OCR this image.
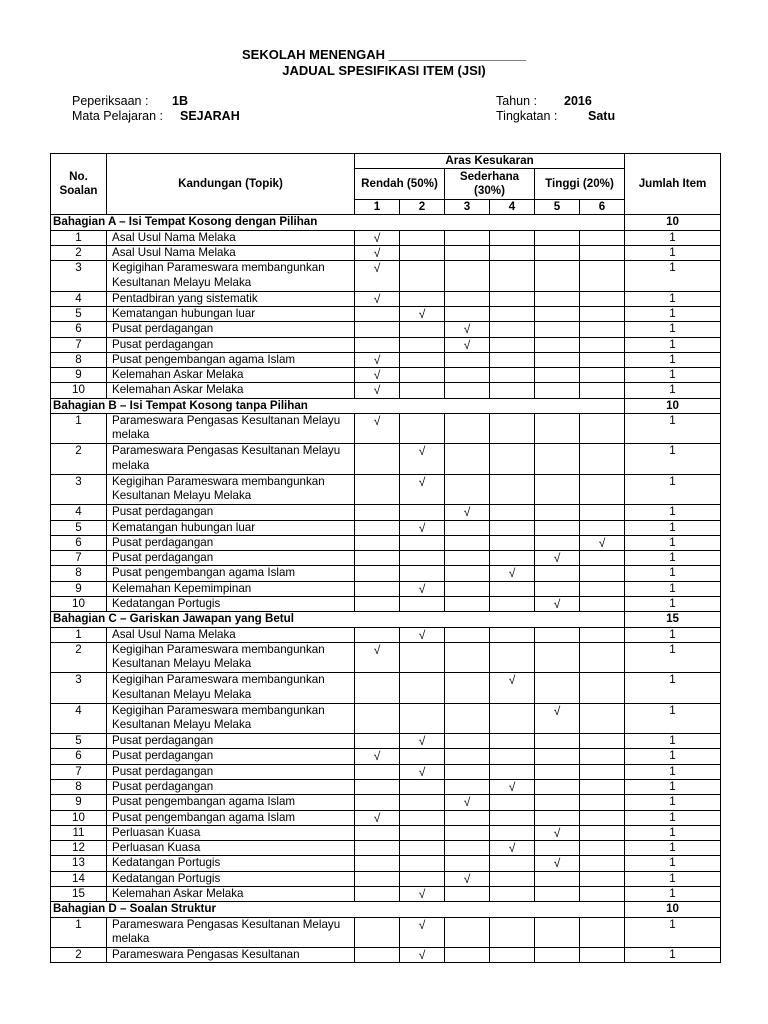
SEKOLAH MENENGAH ___________________
JADUAL SPESIFIKASI ITEM (JSI)
Peperiksaan : 1B
Mata Pelajaran : SEJARAH
Tahun : 2016
Tingkatan : Satu
No. Soalan	Kandungan (Topik)	Aras Kesukaran						Jumlah Item
		Rendah (50%)		Sederhana (30%)		Tinggi (20%)		
		1	2	3	4	5	6	
Bahagian A – Isi Tempat Kosong dengan Pilihan								10
1	Asal Usul Nama Melaka	√						1
2	Asal Usul Nama Melaka	√						1
3	Kegigihan Parameswara membangunkan Kesultanan Melayu Melaka	√						1
4	Pentadbiran yang sistematik	√						1
5	Kematangan hubungan luar		√					1
6	Pusat perdagangan			√				1
7	Pusat perdagangan			√				1
8	Pusat pengembangan agama Islam	√						1
9	Kelemahan Askar Melaka	√						1
10	Kelemahan Askar Melaka	√						1
Bahagian B – Isi Tempat Kosong tanpa Pilihan								10
1	Parameswara Pengasas Kesultanan Melayu melaka	√						1
2	Parameswara Pengasas Kesultanan Melayu melaka		√					1
3	Kegigihan Parameswara membangunkan Kesultanan Melayu Melaka		√					1
4	Pusat perdagangan			√				1
5	Kematangan hubungan luar		√					1
6	Pusat perdagangan						√	1
7	Pusat perdagangan					√		1
8	Pusat pengembangan agama Islam				√			1
9	Kelemahan Kepemimpinan		√					1
10	Kedatangan Portugis					√		1
Bahagian C – Gariskan Jawapan yang Betul								15
1	Asal Usul Nama Melaka		√					1
2	Kegigihan Parameswara membangunkan Kesultanan Melayu Melaka	√						1
3	Kegigihan Parameswara membangunkan Kesultanan Melayu Melaka				√			1
4	Kegigihan Parameswara membangunkan Kesultanan Melayu Melaka					√		1
5	Pusat perdagangan		√					1
6	Pusat perdagangan	√						1
7	Pusat perdagangan		√					1
8	Pusat perdagangan				√			1
9	Pusat pengembangan agama Islam			√				1
10	Pusat pengembangan agama Islam	√						1
11	Perluasan Kuasa					√		1
12	Perluasan Kuasa				√			1
13	Kedatangan Portugis					√		1
14	Kedatangan Portugis			√				1
15	Kelemahan Askar Melaka		√					1
Bahagian D – Soalan Struktur								10
1	Parameswara Pengasas Kesultanan Melayu melaka		√					1
2	Parameswara Pengasas Kesultanan		√					1
